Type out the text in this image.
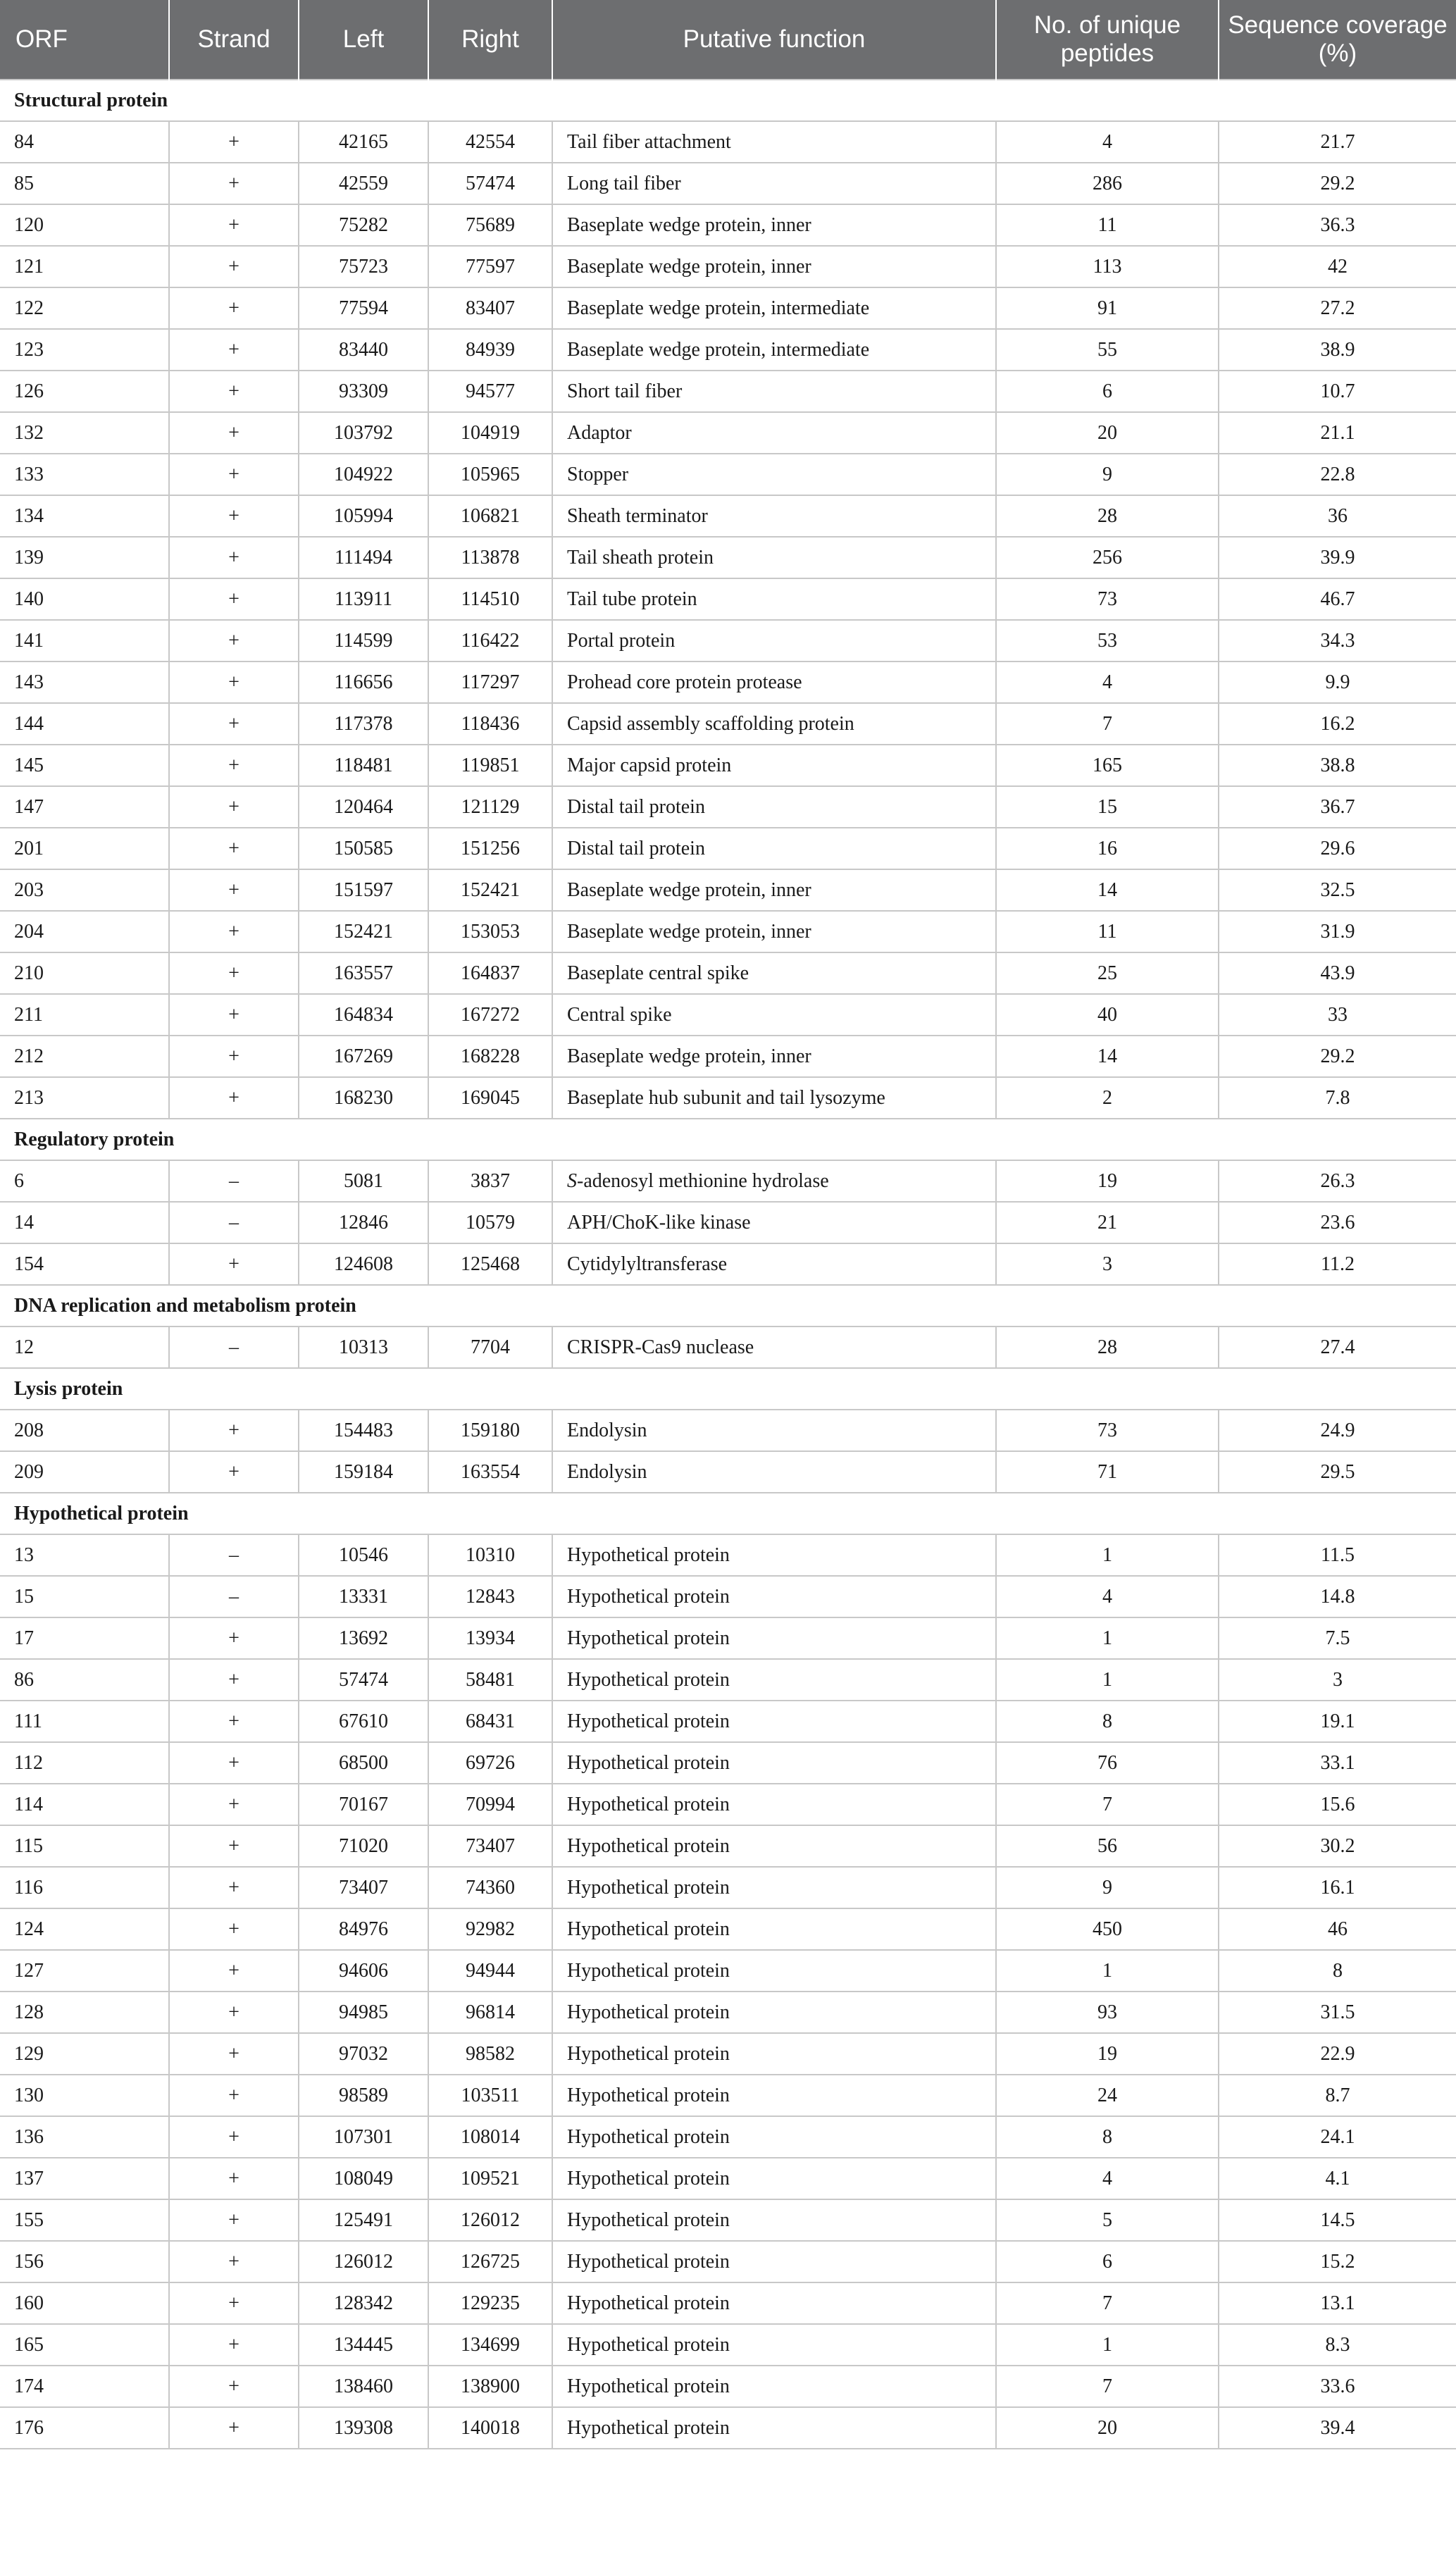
ORF	Strand	Left	Right	Putative function	No. of unique peptides	Sequence coverage (%)
Structural protein						
84	+	42165	42554	Tail fiber attachment	4	21.7
85	+	42559	57474	Long tail fiber	286	29.2
120	+	75282	75689	Baseplate wedge protein, inner	11	36.3
121	+	75723	77597	Baseplate wedge protein, inner	113	42
122	+	77594	83407	Baseplate wedge protein, intermediate	91	27.2
123	+	83440	84939	Baseplate wedge protein, intermediate	55	38.9
126	+	93309	94577	Short tail fiber	6	10.7
132	+	103792	104919	Adaptor	20	21.1
133	+	104922	105965	Stopper	9	22.8
134	+	105994	106821	Sheath terminator	28	36
139	+	111494	113878	Tail sheath protein	256	39.9
140	+	113911	114510	Tail tube protein	73	46.7
141	+	114599	116422	Portal protein	53	34.3
143	+	116656	117297	Prohead core protein protease	4	9.9
144	+	117378	118436	Capsid assembly scaffolding protein	7	16.2
145	+	118481	119851	Major capsid protein	165	38.8
147	+	120464	121129	Distal tail protein	15	36.7
201	+	150585	151256	Distal tail protein	16	29.6
203	+	151597	152421	Baseplate wedge protein, inner	14	32.5
204	+	152421	153053	Baseplate wedge protein, inner	11	31.9
210	+	163557	164837	Baseplate central spike	25	43.9
211	+	164834	167272	Central spike	40	33
212	+	167269	168228	Baseplate wedge protein, inner	14	29.2
213	+	168230	169045	Baseplate hub subunit and tail lysozyme	2	7.8
Regulatory protein						
6	–	5081	3837	S-adenosyl methionine hydrolase	19	26.3
14	–	12846	10579	APH/ChoK-like kinase	21	23.6
154	+	124608	125468	Cytidylyltransferase	3	11.2
DNA replication and metabolism protein						
12	–	10313	7704	CRISPR-Cas9 nuclease	28	27.4
Lysis protein						
208	+	154483	159180	Endolysin	73	24.9
209	+	159184	163554	Endolysin	71	29.5
Hypothetical protein						
13	–	10546	10310	Hypothetical protein	1	11.5
15	–	13331	12843	Hypothetical protein	4	14.8
17	+	13692	13934	Hypothetical protein	1	7.5
86	+	57474	58481	Hypothetical protein	1	3
111	+	67610	68431	Hypothetical protein	8	19.1
112	+	68500	69726	Hypothetical protein	76	33.1
114	+	70167	70994	Hypothetical protein	7	15.6
115	+	71020	73407	Hypothetical protein	56	30.2
116	+	73407	74360	Hypothetical protein	9	16.1
124	+	84976	92982	Hypothetical protein	450	46
127	+	94606	94944	Hypothetical protein	1	8
128	+	94985	96814	Hypothetical protein	93	31.5
129	+	97032	98582	Hypothetical protein	19	22.9
130	+	98589	103511	Hypothetical protein	24	8.7
136	+	107301	108014	Hypothetical protein	8	24.1
137	+	108049	109521	Hypothetical protein	4	4.1
155	+	125491	126012	Hypothetical protein	5	14.5
156	+	126012	126725	Hypothetical protein	6	15.2
160	+	128342	129235	Hypothetical protein	7	13.1
165	+	134445	134699	Hypothetical protein	1	8.3
174	+	138460	138900	Hypothetical protein	7	33.6
176	+	139308	140018	Hypothetical protein	20	39.4
